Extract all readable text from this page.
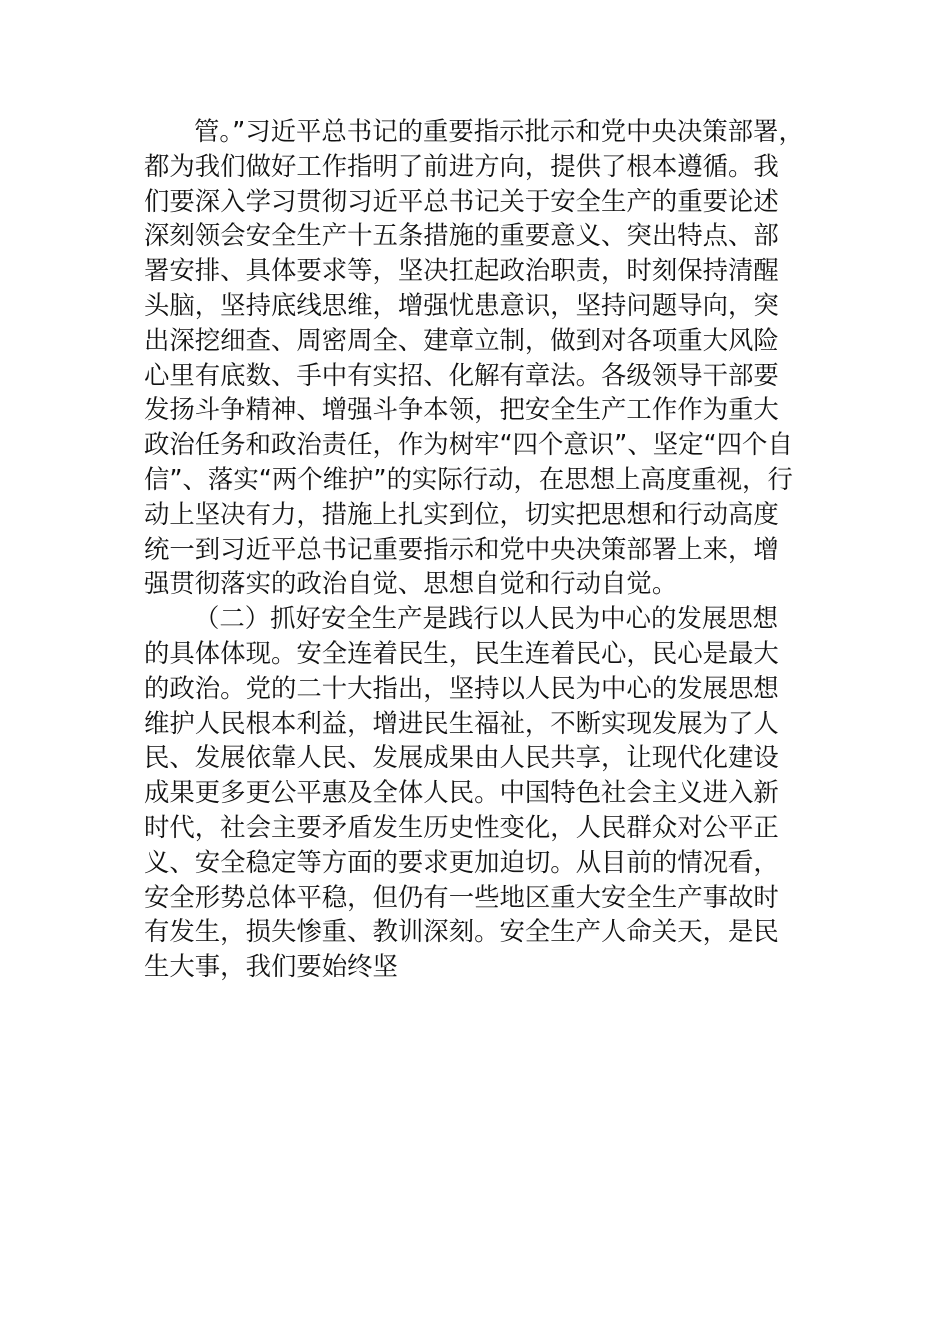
管。”习近平总书记的重要指示批示和党中央决策部署，
都为我们做好工作指明了前进方向，提供了根本遵循。我
们要深入学习贯彻习近平总书记关于安全生产的重要论述
深刻领会安全生产十五条措施的重要意义、突出特点、部
署安排、具体要求等，坚决扛起政治职责，时刻保持清醒
头脑，坚持底线思维，增强忧患意识，坚持问题导向，突
出深挖细查、周密周全、建章立制，做到对各项重大风险
心里有底数、手中有实招、化解有章法。各级领导干部要
发扬斗争精神、增强斗争本领，把安全生产工作作为重大
政治任务和政治责任，作为树牢“四个意识”、坚定“四个自
信”、落实“两个维护”的实际行动，在思想上高度重视，行
动上坚决有力，措施上扎实到位，切实把思想和行动高度
统一到习近平总书记重要指示和党中央决策部署上来，增
强贯彻落实的政治自觉、思想自觉和行动自觉。
（二）抓好安全生产是践行以人民为中心的发展思想
的具体体现。安全连着民生，民生连着民心，民心是最大
的政治。党的二十大指出，坚持以人民为中心的发展思想
维护人民根本利益，增进民生福祉，不断实现发展为了人
民、发展依靠人民、发展成果由人民共享，让现代化建设
成果更多更公平惠及全体人民。中国特色社会主义进入新
时代，社会主要矛盾发生历史性变化，人民群众对公平正
义、安全稳定等方面的要求更加迫切。从目前的情况看，
安全形势总体平稳，但仍有一些地区重大安全生产事故时
有发生，损失惨重、教训深刻。安全生产人命关天，是民
生大事，我们要始终坚
